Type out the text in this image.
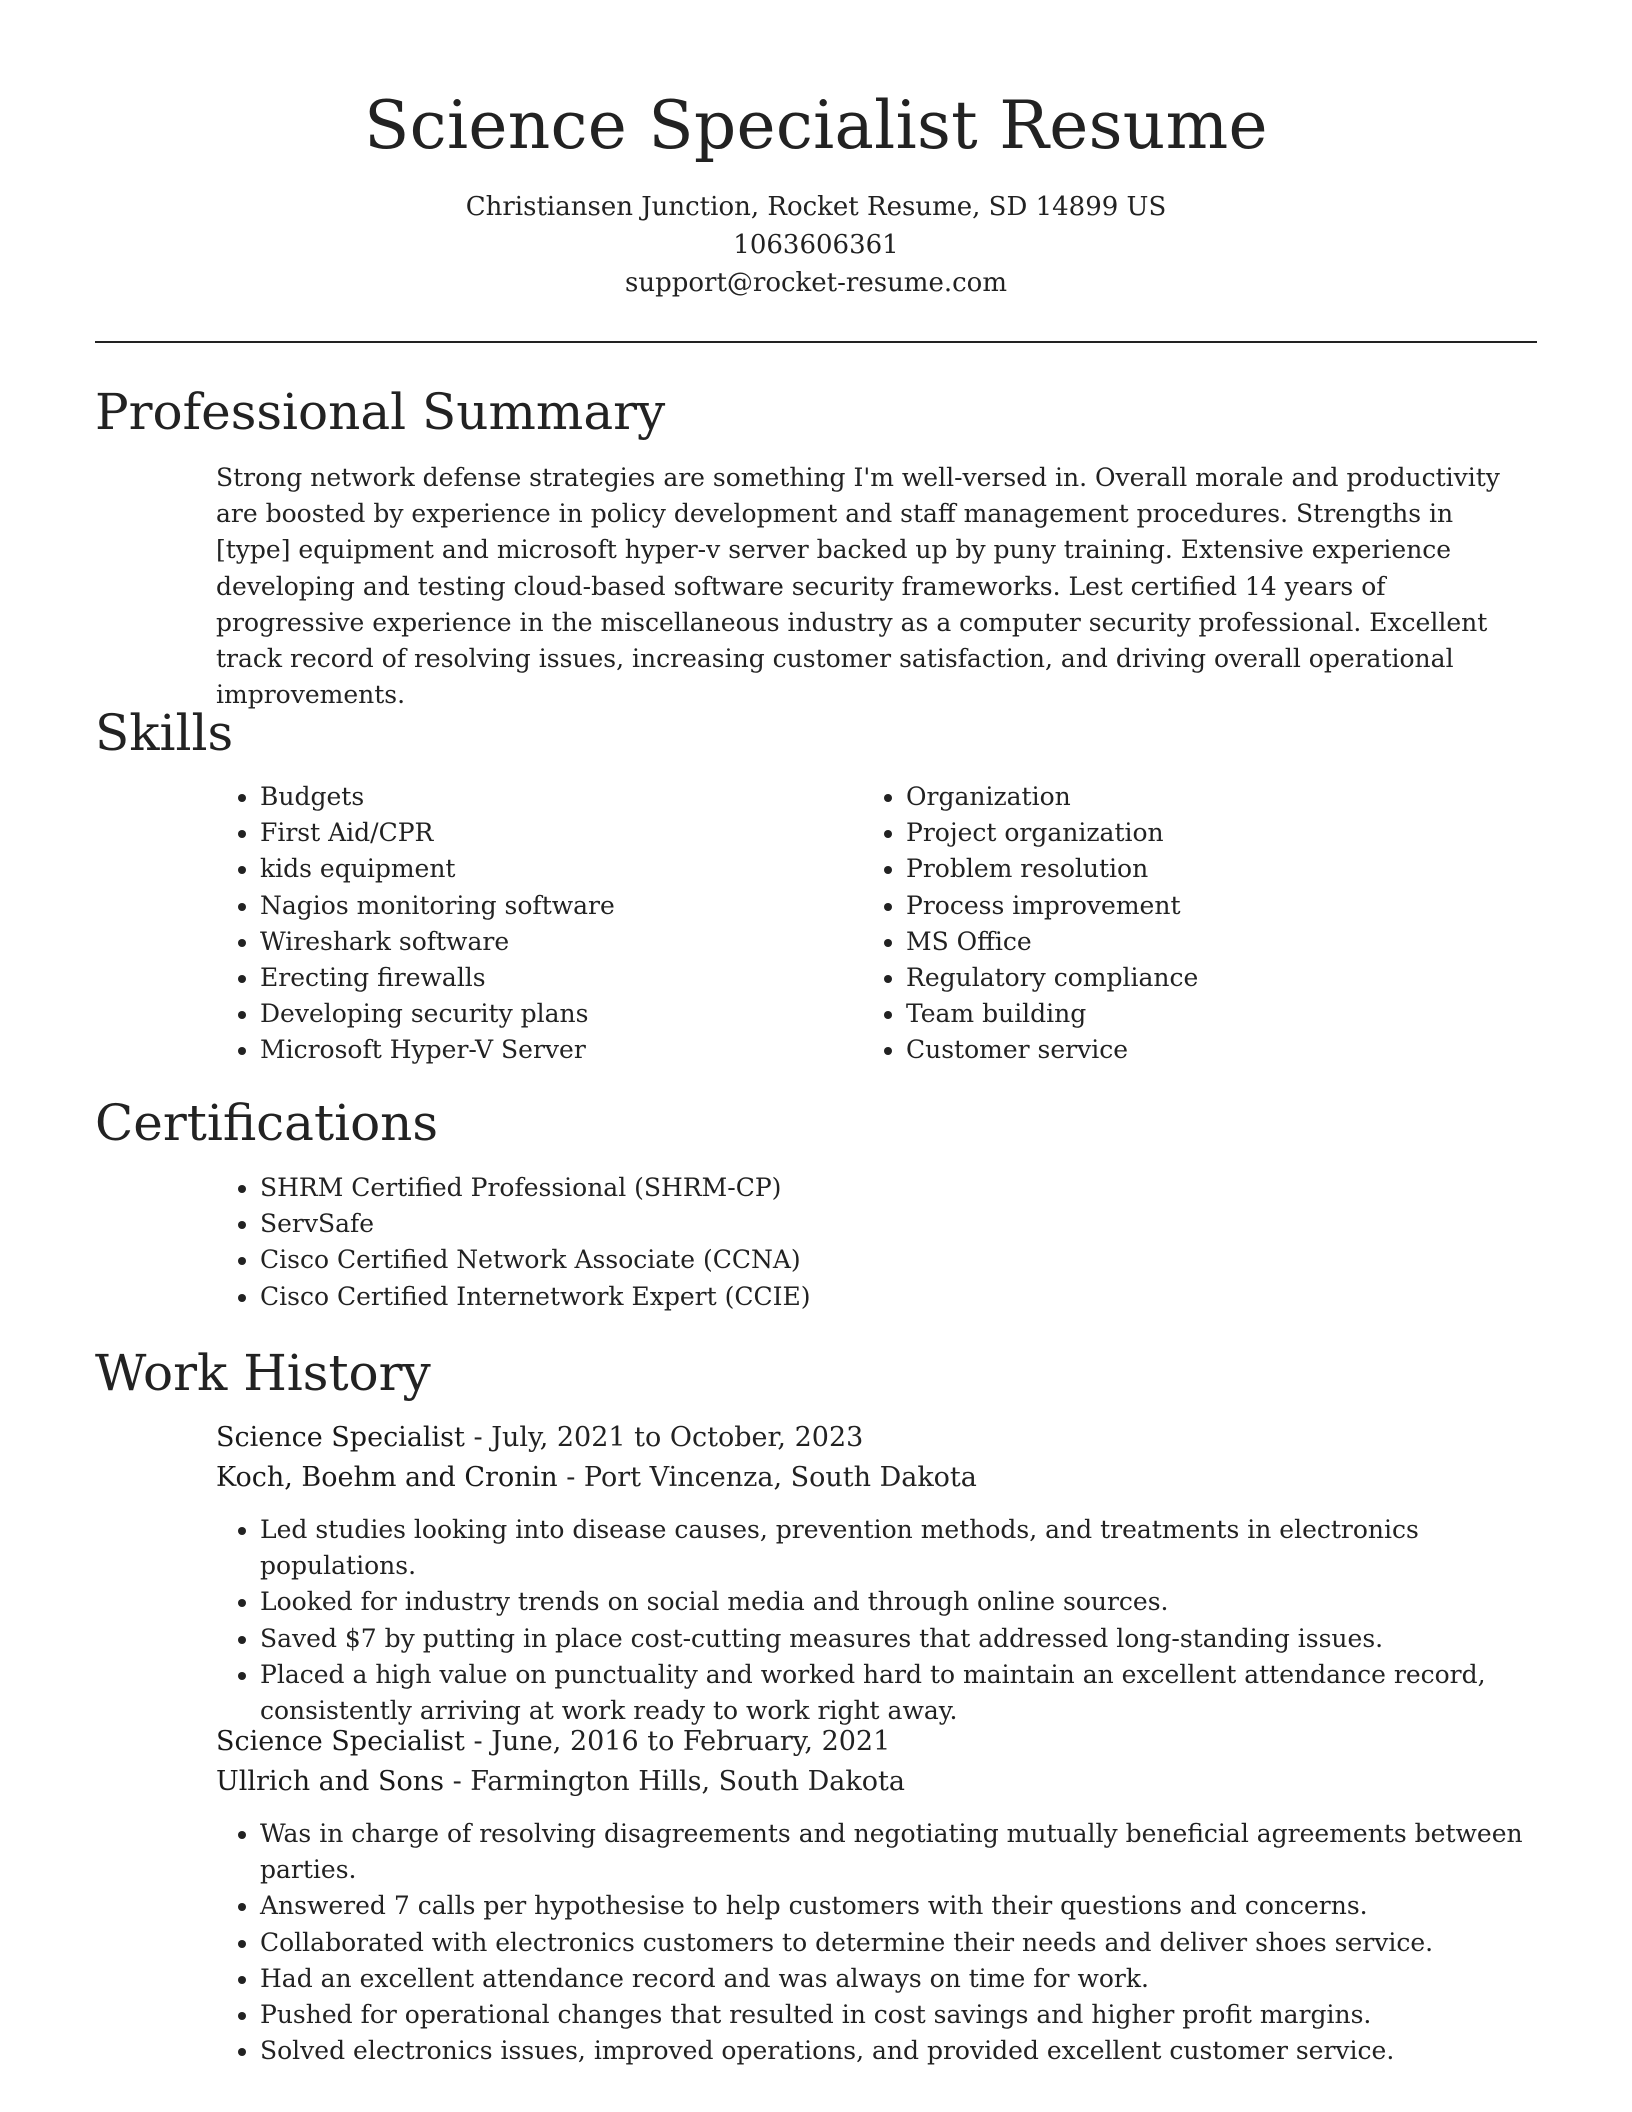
Science Specialist Resume
Christiansen Junction, Rocket Resume, SD 14899 US
1063606361
support@rocket-resume.com
Professional Summary

Strong network defense strategies are something I'm well-versed in. Overall morale and productivity are boosted by experience in policy development and staff management procedures. Strengths in [type] equipment and microsoft hyper-v server backed up by puny training. Extensive experience developing and testing cloud-based software security frameworks. Lest certified 14 years of progressive experience in the miscellaneous industry as a computer security professional. Excellent track record of resolving issues, increasing customer satisfaction, and driving overall operational improvements.

Skills
• Budgets
• First Aid/CPR
• kids equipment
• Nagios monitoring software
• Wireshark software
• Erecting firewalls
• Developing security plans
• Microsoft Hyper-V Server
• Organization
• Project organization
• Problem resolution
• Process improvement
• MS Office
• Regulatory compliance
• Team building
• Customer service
Certifications
• SHRM Certified Professional (SHRM-CP)
• ServSafe
• Cisco Certified Network Associate (CCNA)
• Cisco Certified Internetwork Expert (CCIE)
Work History

Science Specialist - July, 2021 to October, 2023

Koch, Boehm and Cronin - Port Vincenza, South Dakota

• Led studies looking into disease causes, prevention methods, and treatments in electronics populations.
• Looked for industry trends on social media and through online sources.
• Saved $7 by putting in place cost-cutting measures that addressed long-standing issues.
• Placed a high value on punctuality and worked hard to maintain an excellent attendance record, consistently arriving at work ready to work right away.

Science Specialist - June, 2016 to February, 2021

Ullrich and Sons - Farmington Hills, South Dakota

• Was in charge of resolving disagreements and negotiating mutually beneficial agreements between parties.
• Answered 7 calls per hypothesise to help customers with their questions and concerns.
• Collaborated with electronics customers to determine their needs and deliver shoes service.
• Had an excellent attendance record and was always on time for work.
• Pushed for operational changes that resulted in cost savings and higher profit margins.
• Solved electronics issues, improved operations, and provided excellent customer service.
